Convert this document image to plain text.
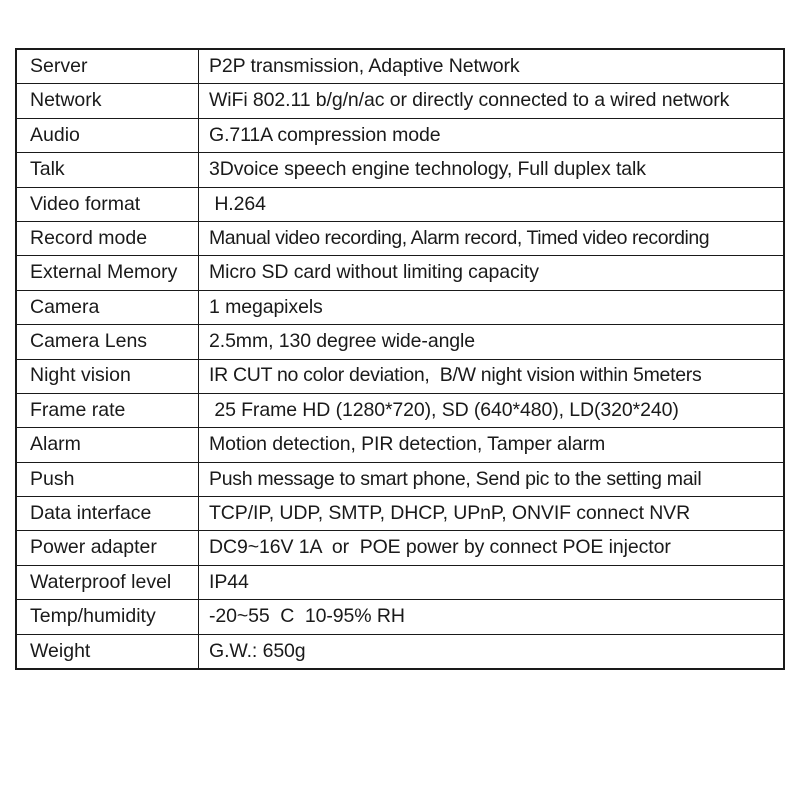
Server	P2P transmission, Adaptive Network
Network	WiFi 802.11 b/g/n/ac or directly connected to a wired network
Audio	G.711A compression mode
Talk	3Dvoice speech engine technology, Full duplex talk
Video format	H.264
Record mode	Manual video recording, Alarm record, Timed video recording
External Memory	Micro SD card without limiting capacity
Camera	1 megapixels
Camera Lens	2.5mm, 130 degree wide-angle
Night vision	IR CUT no color deviation,  B/W night vision within 5meters
Frame rate	25 Frame HD (1280*720), SD (640*480), LD(320*240)
Alarm	Motion detection, PIR detection, Tamper alarm
Push	Push message to smart phone, Send pic to the setting mail
Data interface	TCP/IP, UDP, SMTP, DHCP, UPnP, ONVIF connect NVR
Power adapter	DC9~16V 1A  or  POE power by connect POE injector
Waterproof level	IP44
Temp/humidity	-20~55  C  10-95% RH
Weight	G.W.: 650g
